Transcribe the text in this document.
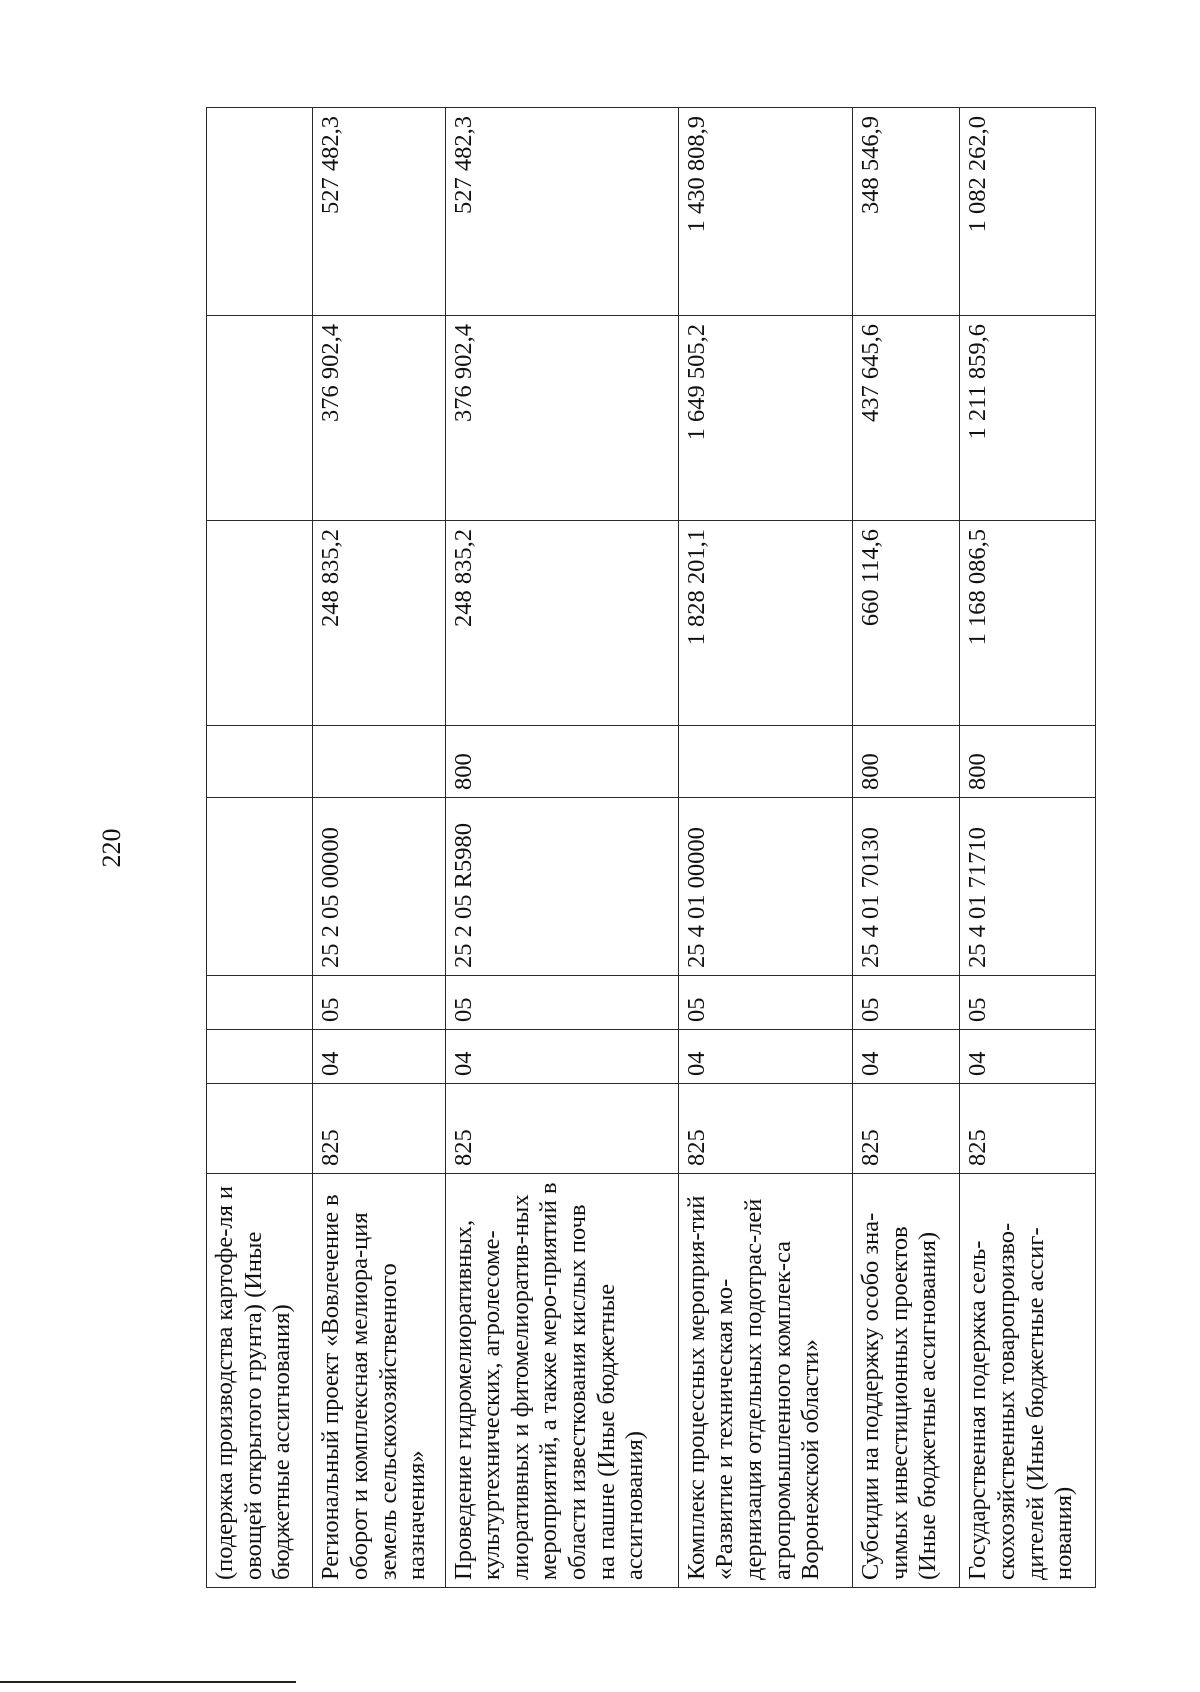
220
(подержка производства картофе-ля и овощей открытого грунта) (Иные бюджетные ассигнования)								
Региональный проект «Вовлечение в оборот и комплексная мелиора-ция земель сельскохозяйственного назначения»	825	04	05	25 2 05 00000		248 835,2	376 902,4	527 482,3
Проведение гидромелиоративных, культуртехнических, агролесоме-лиоративных и фитомелиоратив-ных мероприятий, а также меро-приятий в области известкования кислых почв на пашне (Иные бюджетные ассигнования)	825	04	05	25 2 05 R5980	800	248 835,2	376 902,4	527 482,3
Комплекс процессных мероприя-тий «Развитие и техническая мо-дернизация отдельных подотрас-лей агропромышленного комплек-са Воронежской области»	825	04	05	25 4 01 00000		1 828 201,1	1 649 505,2	1 430 808,9
Субсидии на поддержку особо зна-чимых инвестиционных проектов (Иные бюджетные ассигнования)	825	04	05	25 4 01 70130	800	660 114,6	437 645,6	348 546,9
Государственная подержка сель-скохозяйственных товаропроизво-дителей (Иные бюджетные ассиг-нования)	825	04	05	25 4 01 71710	800	1 168 086,5	1 211 859,6	1 082 262,0
